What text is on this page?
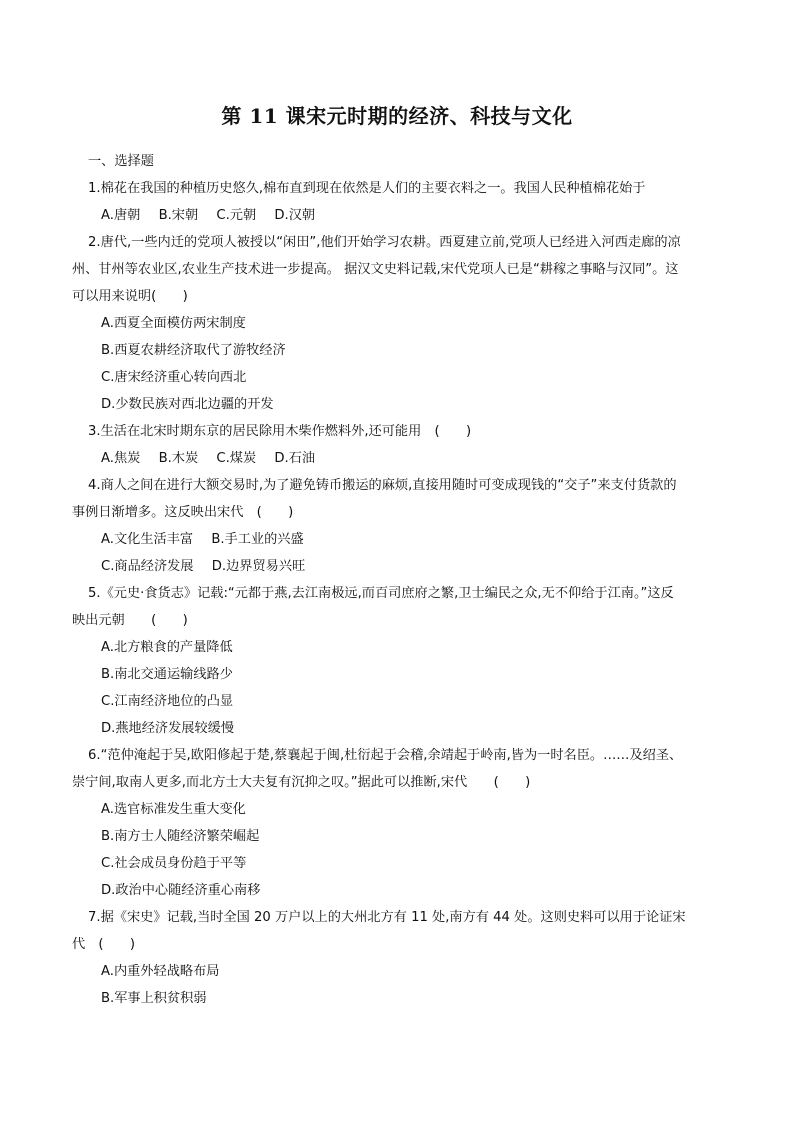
第 11 课宋元时期的经济、科技与文化
一、选择题
1.棉花在我国的种植历史悠久,棉布直到现在依然是人们的主要衣料之一。我国人民种植棉花始于
A.唐朝 B.宋朝 C.元朝 D.汉朝
2.唐代,一些内迁的党项人被授以“闲田”,他们开始学习农耕。西夏建立前,党项人已经进入河西走廊的凉
州、甘州等农业区,农业生产技术进一步提高。 据汉文史料记载,宋代党项人已是“耕稼之事略与汉同”。这
可以用来说明(　　)
A.西夏全面模仿两宋制度
B.西夏农耕经济取代了游牧经济
C.唐宋经济重心转向西北
D.少数民族对西北边疆的开发
3.生活在北宋时期东京的居民除用木柴作燃料外,还可能用　(　　)
A.焦炭 B.木炭 C.煤炭 D.石油
4.商人之间在进行大额交易时,为了避免铸币搬运的麻烦,直接用随时可变成现钱的“交子”来支付货款的
事例日渐增多。这反映出宋代　(　　)
A.文化生活丰富 B.手工业的兴盛
C.商品经济发展 D.边界贸易兴旺
5.《元史·食货志》记载:“元都于燕,去江南极远,而百司庶府之繁,卫士编民之众,无不仰给于江南。”这反
映出元朝　　(　　)
A.北方粮食的产量降低
B.南北交通运输线路少
C.江南经济地位的凸显
D.燕地经济发展较缓慢
6.“范仲淹起于吴,欧阳修起于楚,蔡襄起于闽,杜衍起于会稽,余靖起于岭南,皆为一时名臣。……及绍圣、
崇宁间,取南人更多,而北方士大夫复有沉抑之叹。”据此可以推断,宋代　　(　　)
A.选官标准发生重大变化
B.南方士人随经济繁荣崛起
C.社会成员身份趋于平等
D.政治中心随经济重心南移
7.据《宋史》记载,当时全国 20 万户以上的大州北方有 11 处,南方有 44 处。这则史料可以用于论证宋
代　(　　)
A.内重外轻战略布局
B.军事上积贫积弱
